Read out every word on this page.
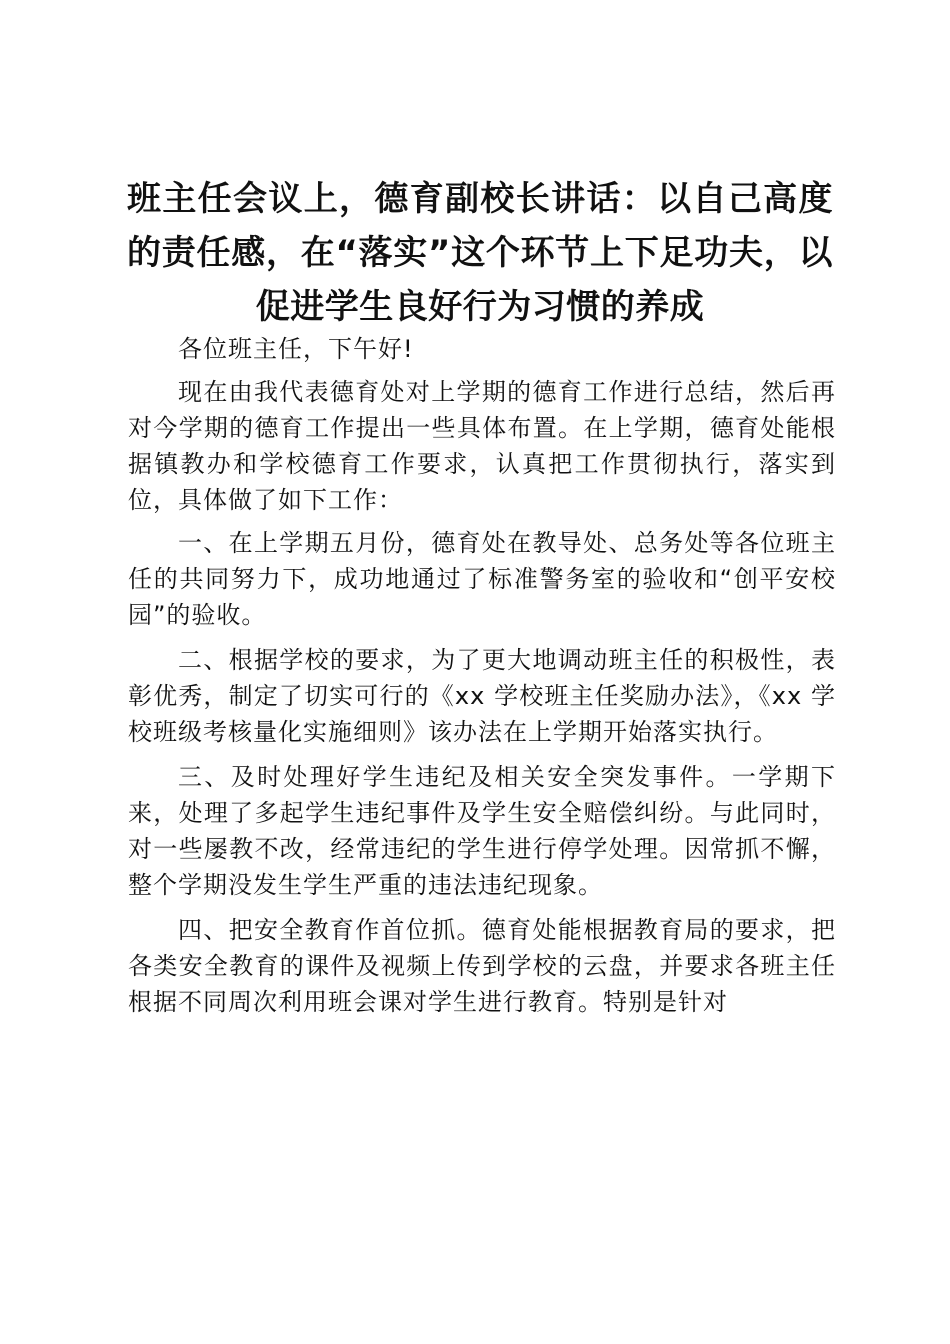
班主任会议上，德育副校长讲话：以自己高度的责任感，在“落实”这个环节上下足功夫，以促进学生良好行为习惯的养成

各位班主任，下午好!

现在由我代表德育处对上学期的德育工作进行总结，然后再对今学期的德育工作提出一些具体布置。在上学期，德育处能根据镇教办和学校德育工作要求，认真把工作贯彻执行，落实到位，具体做了如下工作：

一、在上学期五月份，德育处在教导处、总务处等各位班主任的共同努力下，成功地通过了标准警务室的验收和“创平安校园”的验收。

二、根据学校的要求，为了更大地调动班主任的积极性，表彰优秀，制定了切实可行的《xx 学校班主任奖励办法》，《xx 学校班级考核量化实施细则》该办法在上学期开始落实执行。

三、及时处理好学生违纪及相关安全突发事件。一学期下来，处理了多起学生违纪事件及学生安全赔偿纠纷。与此同时，对一些屡教不改，经常违纪的学生进行停学处理。因常抓不懈，整个学期没发生学生严重的违法违纪现象。

四、把安全教育作首位抓。德育处能根据教育局的要求，把各类安全教育的课件及视频上传到学校的云盘，并要求各班主任根据不同周次利用班会课对学生进行教育。特别是针对
